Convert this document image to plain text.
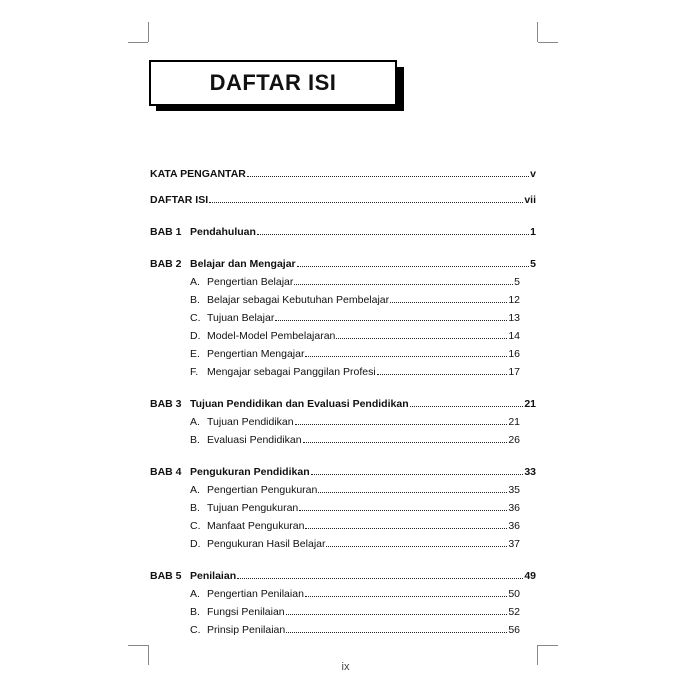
DAFTAR ISI
KATA PENGANTAR	v
DAFTAR ISI	vii
BAB 1 Pendahuluan	1
BAB 2 Belajar dan Mengajar	5
A. Pengertian Belajar	5
B. Belajar sebagai Kebutuhan Pembelajar	12
C. Tujuan Belajar	13
D. Model-Model Pembelajaran	14
E. Pengertian Mengajar	16
F. Mengajar sebagai Panggilan Profesi	17
BAB 3 Tujuan Pendidikan dan Evaluasi Pendidikan	21
A. Tujuan Pendidikan	21
B. Evaluasi Pendidikan	26
BAB 4 Pengukuran Pendidikan	33
A. Pengertian Pengukuran	35
B. Tujuan Pengukuran	36
C. Manfaat Pengukuran	36
D. Pengukuran Hasil Belajar	37
BAB 5 Penilaian	49
A. Pengertian Penilaian	50
B. Fungsi Penilaian	52
C. Prinsip Penilaian	56
ix
